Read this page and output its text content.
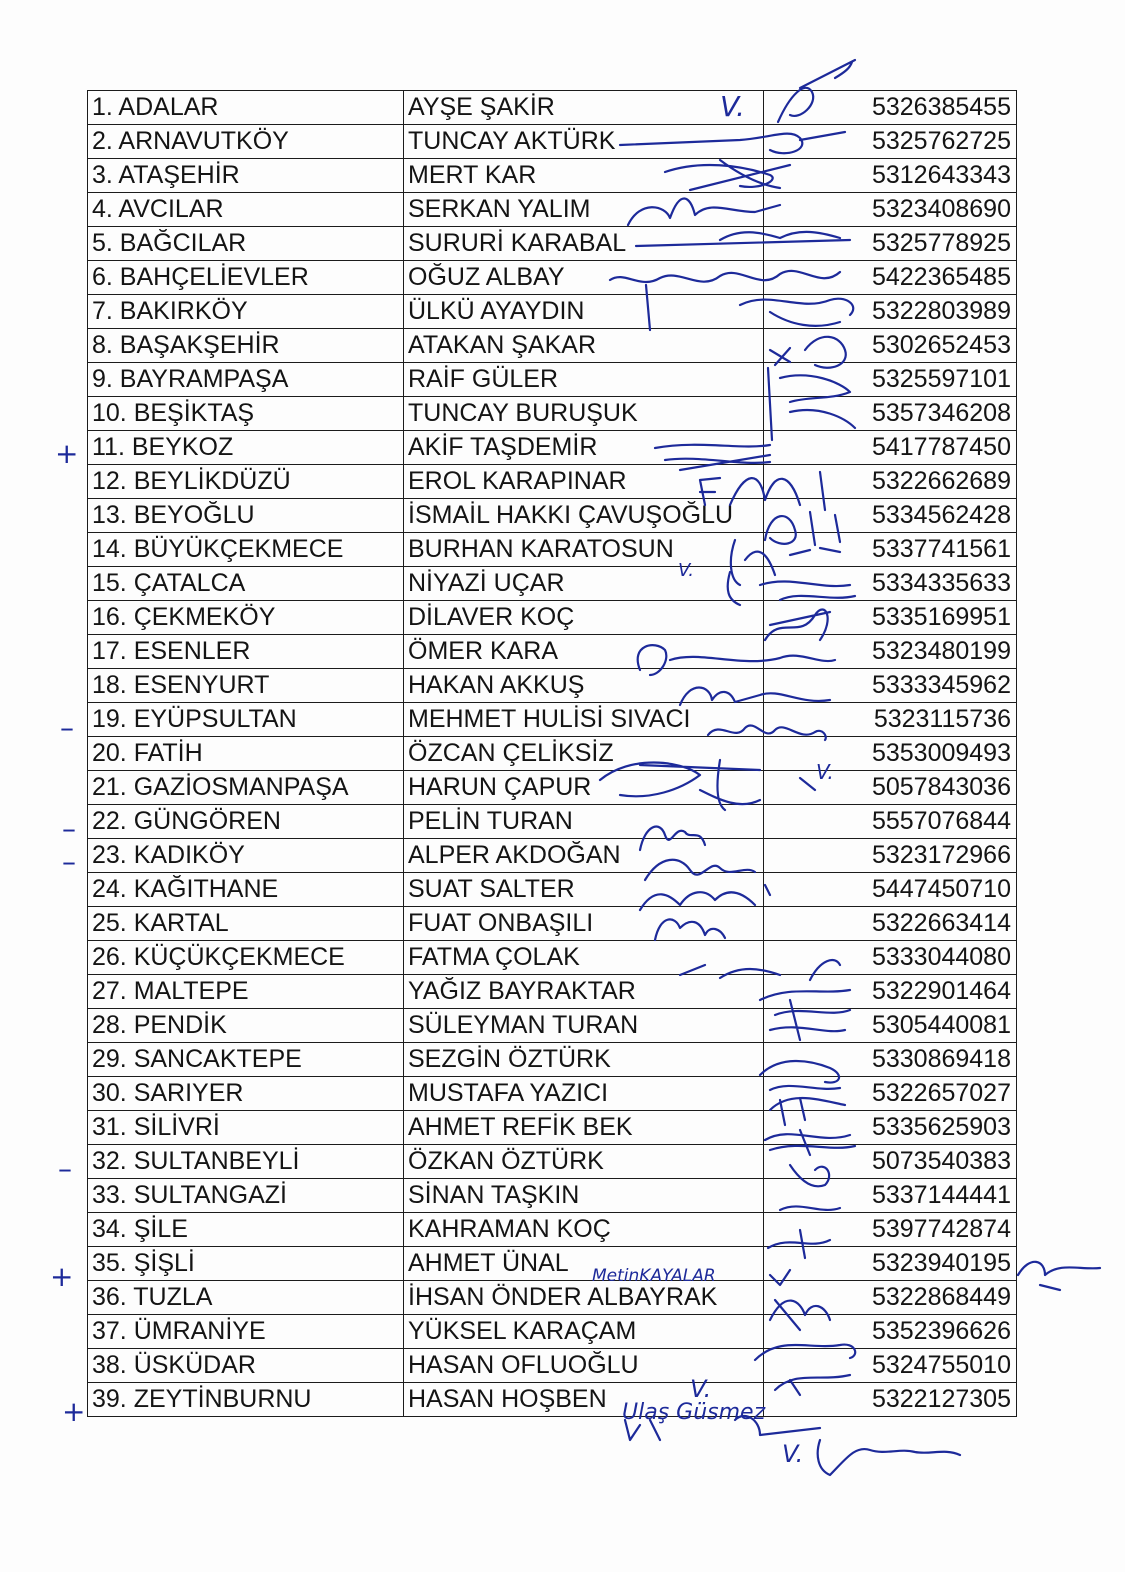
1. ADALAR	AYŞE ŞAKİR	5326385455
2. ARNAVUTKÖY	TUNCAY AKTÜRK	5325762725
3. ATAŞEHİR	MERT KAR	5312643343
4. AVCILAR	SERKAN YALIM	5323408690
5. BAĞCILAR	SURURİ KARABAL	5325778925
6. BAHÇELİEVLER	OĞUZ ALBAY	5422365485
7. BAKIRKÖY	ÜLKÜ AYAYDIN	5322803989
8. BAŞAKŞEHİR	ATAKAN ŞAKAR	5302652453
9. BAYRAMPAŞA	RAİF GÜLER	5325597101
10. BEŞİKTAŞ	TUNCAY BURUŞUK	5357346208
11. BEYKOZ	AKİF TAŞDEMİR	5417787450
12. BEYLİKDÜZÜ	EROL KARAPINAR	5322662689
13. BEYOĞLU	İSMAİL HAKKI ÇAVUŞOĞLU	5334562428
14. BÜYÜKÇEKMECE	BURHAN KARATOSUN	5337741561
15. ÇATALCA	NİYAZİ UÇAR	5334335633
16. ÇEKMEKÖY	DİLAVER KOÇ	5335169951
17. ESENLER	ÖMER KARA	5323480199
18. ESENYURT	HAKAN AKKUŞ	5333345962
19. EYÜPSULTAN	MEHMET HULİSİ SIVACI	5323115736
20. FATİH	ÖZCAN ÇELİKSİZ	5353009493
21. GAZİOSMANPAŞA	HARUN ÇAPUR	5057843036
22. GÜNGÖREN	PELİN TURAN	5557076844
23. KADIKÖY	ALPER AKDOĞAN	5323172966
24. KAĞITHANE	SUAT SALTER	5447450710
25. KARTAL	FUAT ONBAŞILI	5322663414
26. KÜÇÜKÇEKMECE	FATMA ÇOLAK	5333044080
27. MALTEPE	YAĞIZ BAYRAKTAR	5322901464
28. PENDİK	SÜLEYMAN TURAN	5305440081
29. SANCAKTEPE	SEZGİN ÖZTÜRK	5330869418
30. SARIYER	MUSTAFA YAZICI	5322657027
31. SİLİVRİ	AHMET REFİK BEK	5335625903
32. SULTANBEYLİ	ÖZKAN ÖZTÜRK	5073540383
33. SULTANGAZİ	SİNAN TAŞKIN	5337144441
34. ŞİLE	KAHRAMAN KOÇ	5397742874
35. ŞİŞLİ	AHMET ÜNAL	5323940195
36. TUZLA	İHSAN ÖNDER ALBAYRAK	5322868449
37. ÜMRANİYE	YÜKSEL KARAÇAM	5352396626
38. ÜSKÜDAR	HASAN OFLUOĞLU	5324755010
39. ZEYTİNBURNU	HASAN HOŞBEN	5322127305
V.
V.
V.
V.
V.
MetinKAYALAR
Ulaş Güsmez
+
–
–
–
–
+
+
